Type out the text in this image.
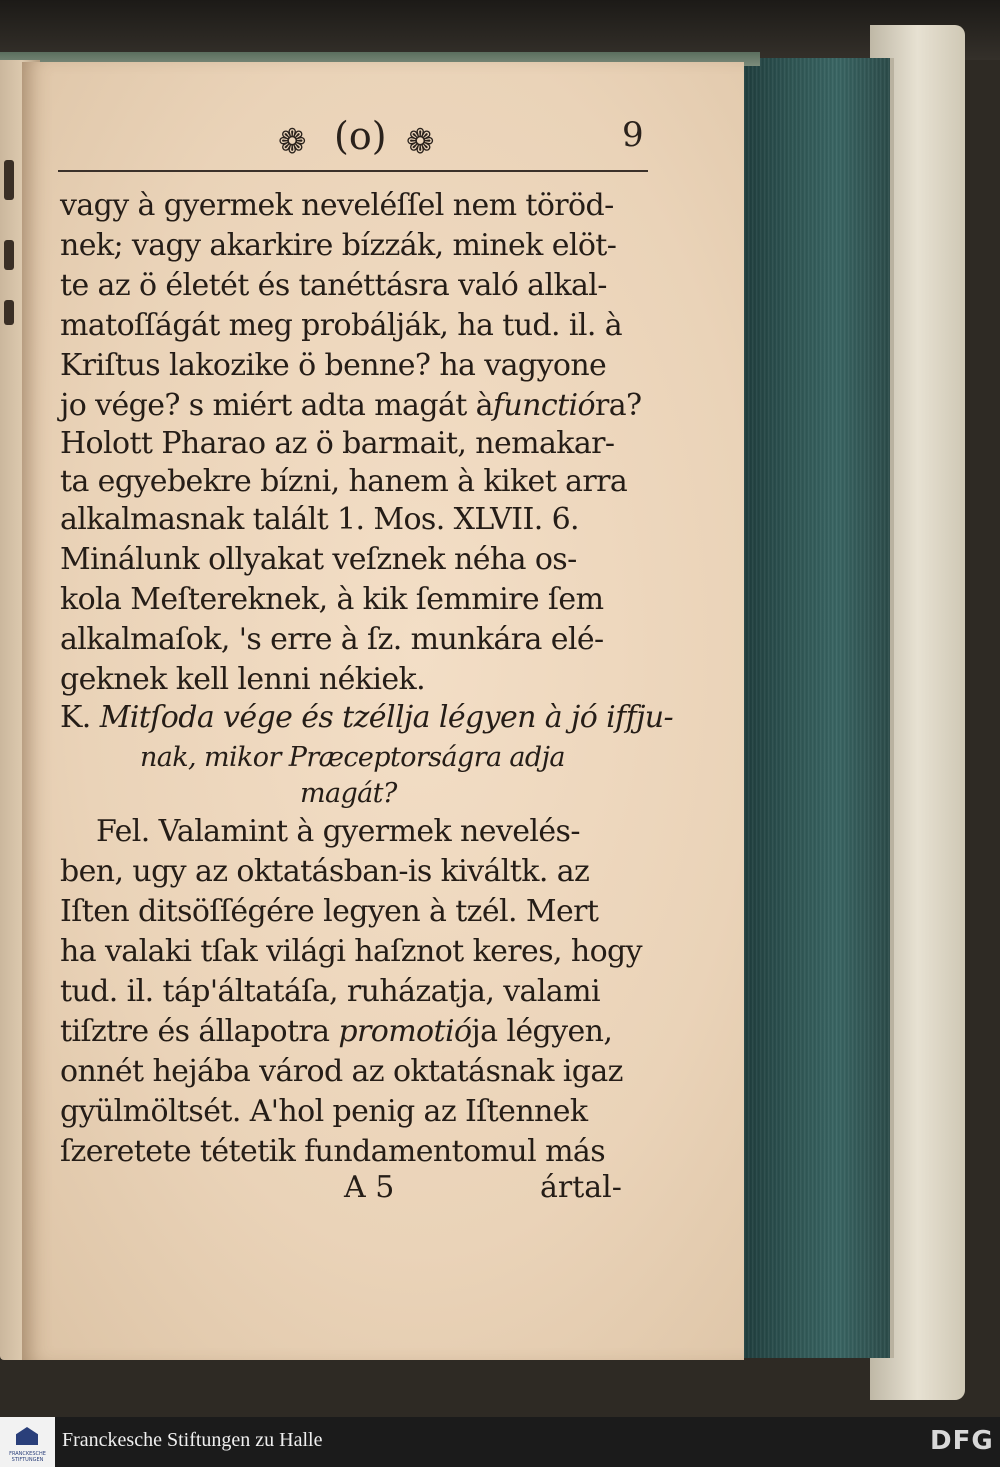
❁ (o) ❁	9
vagy à gyermek neveléſſel nem töröd-
nek; vagy akarkire bízzák, minek elöt-
te az ö életét és tanéttásra való alkal-
matoſſágát meg probálják, ha tud. il. à
Kriſtus lakozike ö benne? ha vagyone
jo vége? s miért adta magát àfunctióra?
Holott Pharao az ö barmait, nemakar-
ta egyebekre bízni, hanem à kiket arra
alkalmasnak talált 1. Mos. XLVII. 6.
Minálunk ollyakat veſznek néha os-
kola Meſtereknek, à kik ſemmire ſem
alkalmaſok, 's erre à ſz. munkára elé-
geknek kell lenni nékiek.
K. Mitſoda vége és tzéllja légyen à jó iffju-
nak, mikor Præceptorságra adja
magát?
Fel. Valamint à gyermek nevelés-
ben, ugy az oktatásban-is kiváltk. az
Iſten ditsöſſégére legyen à tzél. Mert
ha valaki tſak világi haſznot keres, hogy
tud. il. táp'áltatáſa, ruházatja, valami
tiſztre és állapotra promotiója légyen,
onnét hejába várod az oktatásnak igaz
gyülmöltsét. A'hol penig az Iſtennek
ſzeretete tétetik fundamentomul más
A 5	ártal-
FRANCKESCHE STIFTUNGEN
Franckesche Stiftungen zu Halle	DFG
